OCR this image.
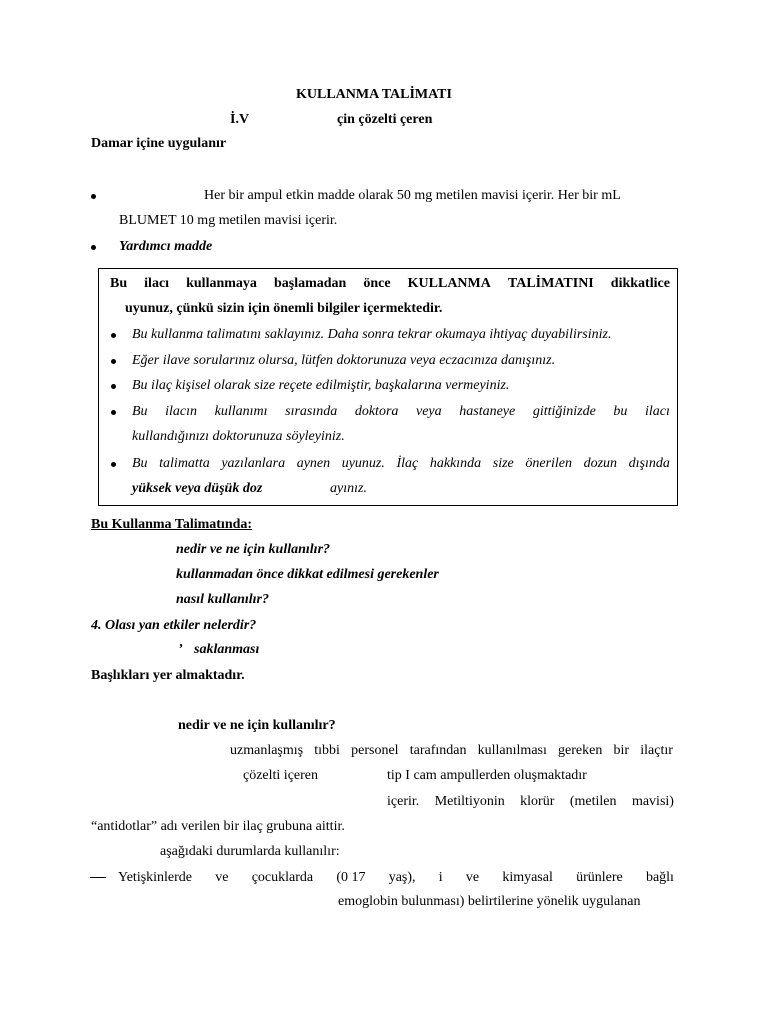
KULLANMA TALİMATI
İ.V	çin çözelti çeren
Damar içine uygulanır
Her bir ampul etkin madde olarak 50 mg metilen mavisi içerir. Her bir mL
BLUMET 10 mg metilen mavisi içerir.
Yardımcı madde
Bu ilacı kullanmaya başlamadan önce KULLANMA TALİMATINI dikkatlice
uyunuz, çünkü sizin için önemli bilgiler içermektedir.
Bu kullanma talimatını saklayınız. Daha sonra tekrar okumaya ihtiyaç duyabilirsiniz.
Eğer ilave sorularınız olursa, lütfen doktorunuza veya eczacınıza danışınız.
Bu ilaç kişisel olarak size reçete edilmiştir, başkalarına vermeyiniz.
Bu ilacın kullanımı sırasında doktora veya hastaneye gittiğinizde bu ilacı
kullandığınızı doktorunuza söyleyiniz.
Bu talimatta yazılanlara aynen uyunuz. İlaç hakkında size önerilen dozun dışında
yüksek veya düşük doz	ayınız.
Bu Kullanma Talimatında:
nedir ve ne için kullanılır?
kullanmadan önce dikkat edilmesi gerekenler
nasıl kullanılır?
4. Olası yan etkiler nelerdir?
’ saklanması
Başlıkları yer almaktadır.
nedir ve ne için kullanılır?
uzmanlaşmış tıbbi personel tarafından kullanılması gereken bir ilaçtır
çözelti içeren	tip I cam ampullerden oluşmaktadır
içerir. Metiltiyonin klorür (metilen mavisi)
“antidotlar” adı verilen bir ilaç grubuna aittir.
aşağıdaki durumlarda kullanılır:
Yetişkinlerde ve çocuklarda (0 17 yaş), i ve kimyasal ürünlere bağlı
emoglobin bulunması) belirtilerine yönelik uygulanan
